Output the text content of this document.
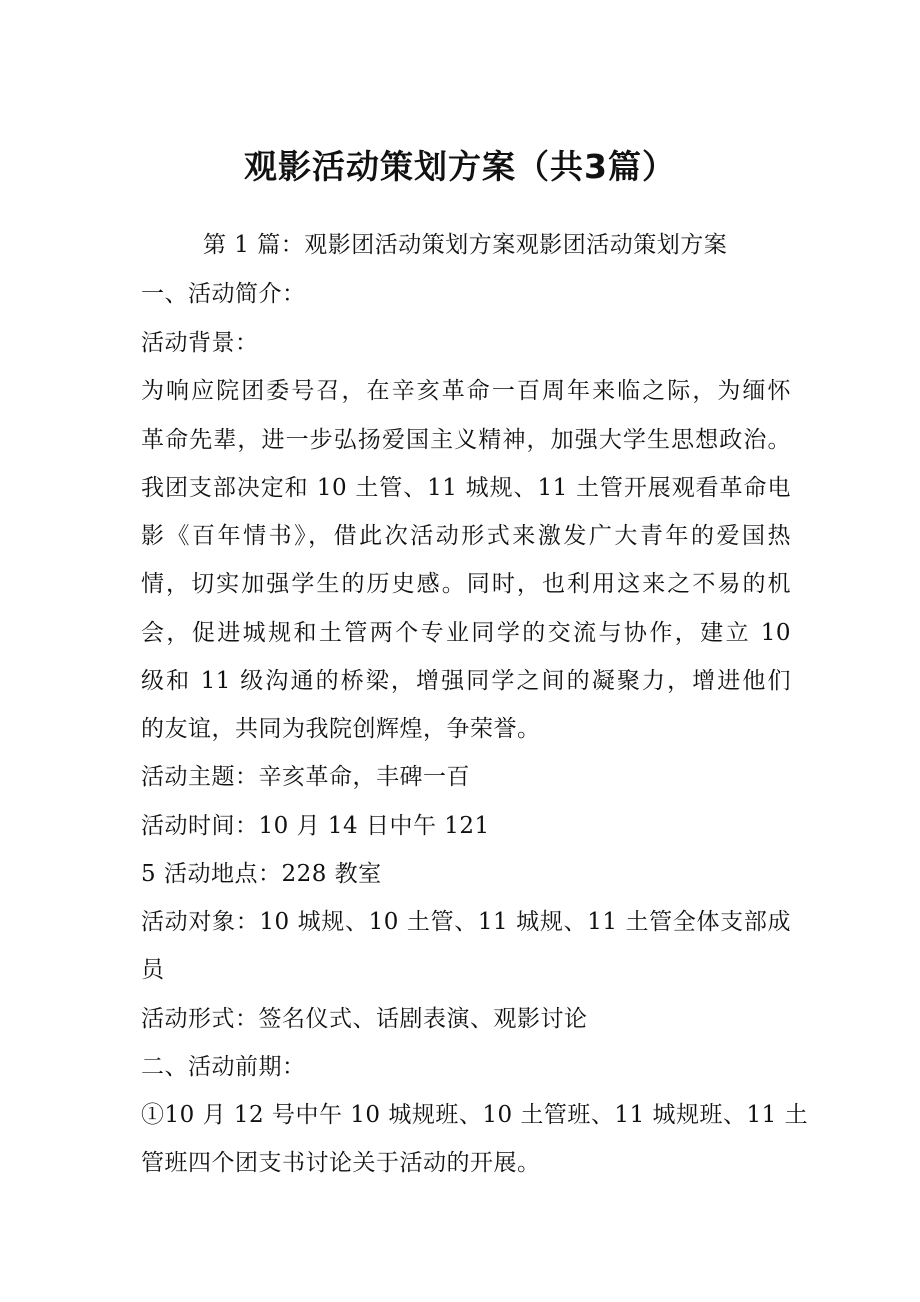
观影活动策划方案（共3篇）
第 1 篇：观影团活动策划方案观影团活动策划方案
一、活动简介：
活动背景：
为响应院团委号召，在辛亥革命一百周年来临之际，为缅怀
革命先辈，进一步弘扬爱国主义精神，加强大学生思想政治。
我团支部决定和 10 土管、11 城规、11 土管开展观看革命电
影《百年情书》，借此次活动形式来激发广大青年的爱国热
情，切实加强学生的历史感。同时，也利用这来之不易的机
会，促进城规和土管两个专业同学的交流与协作，建立 10
级和 11 级沟通的桥梁，增强同学之间的凝聚力，增进他们
的友谊，共同为我院创辉煌，争荣誉。
活动主题：辛亥革命，丰碑一百
活动时间：10 月 14 日中午 121
5 活动地点：228 教室
活动对象：10 城规、10 土管、11 城规、11 土管全体支部成
员
活动形式：签名仪式、话剧表演、观影讨论
二、活动前期：
①10 月 12 号中午 10 城规班、10 土管班、11 城规班、11 土
管班四个团支书讨论关于活动的开展。
